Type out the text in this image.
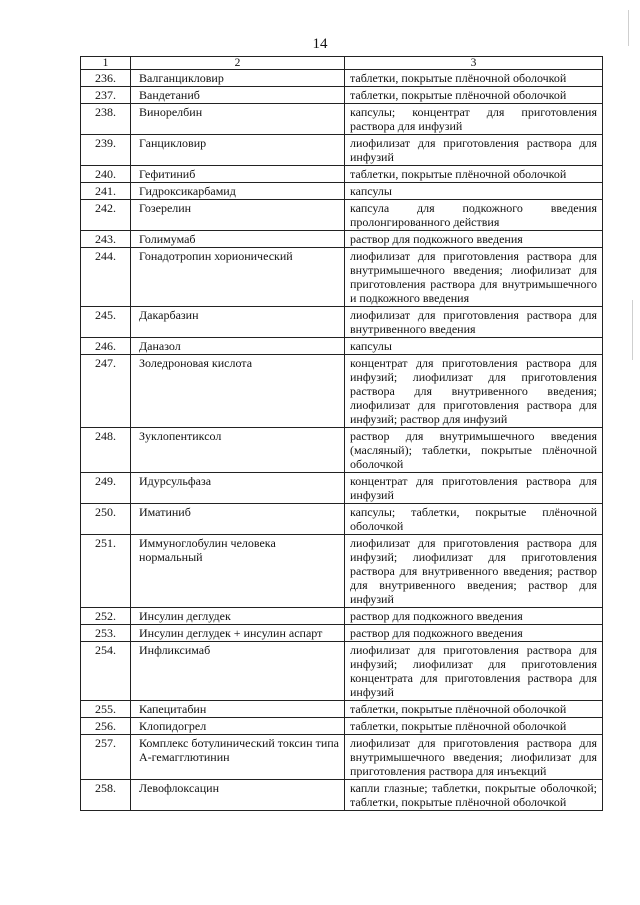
14
1	2	3
236.	Валганцикловир	таблетки, покрытые плёночной оболочкой
237.	Вандетаниб	таблетки, покрытые плёночной оболочкой
238.	Винорелбин	капсулы; концентрат для приготовления раствора для инфузий
239.	Ганцикловир	лиофилизат для приготовления раствора для инфузий
240.	Гефитиниб	таблетки, покрытые плёночной оболочкой
241.	Гидроксикарбамид	капсулы
242.	Гозерелин	капсула для подкожного введения пролонгированного действия
243.	Голимумаб	раствор для подкожного введения
244.	Гонадотропин хорионический	лиофилизат для приготовления раствора для внутримышечного введения; лиофилизат для приготовления раствора для внутримышечного и подкожного введения
245.	Дакарбазин	лиофилизат для приготовления раствора для внутривенного введения
246.	Даназол	капсулы
247.	Золедроновая кислота	концентрат для приготовления раствора для инфузий; лиофилизат для приготовления раствора для внутривенного введения; лиофилизат для приготовления раствора для инфузий; раствор для инфузий
248.	Зуклопентиксол	раствор для внутримышечного введения (масляный); таблетки, покрытые плёночной оболочкой
249.	Идурсульфаза	концентрат для приготовления раствора для инфузий
250.	Иматиниб	капсулы; таблетки, покрытые плёночной оболочкой
251.	Иммуноглобулин человека нормальный	лиофилизат для приготовления раствора для инфузий; лиофилизат для приготовления раствора для внутривенного введения; раствор для внутривенного введения; раствор для инфузий
252.	Инсулин деглудек	раствор для подкожного введения
253.	Инсулин деглудек + инсулин аспарт	раствор для подкожного введения
254.	Инфликсимаб	лиофилизат для приготовления раствора для инфузий; лиофилизат для приготовления концентрата для приготовления раствора для инфузий
255.	Капецитабин	таблетки, покрытые плёночной оболочкой
256.	Клопидогрел	таблетки, покрытые плёночной оболочкой
257.	Комплекс ботулинический токсин типа А-гемагглютинин	лиофилизат для приготовления раствора для внутримышечного введения; лиофилизат для приготовления раствора для инъекций
258.	Левофлоксацин	капли глазные; таблетки, покрытые оболочкой; таблетки, покрытые плёночной оболочкой
